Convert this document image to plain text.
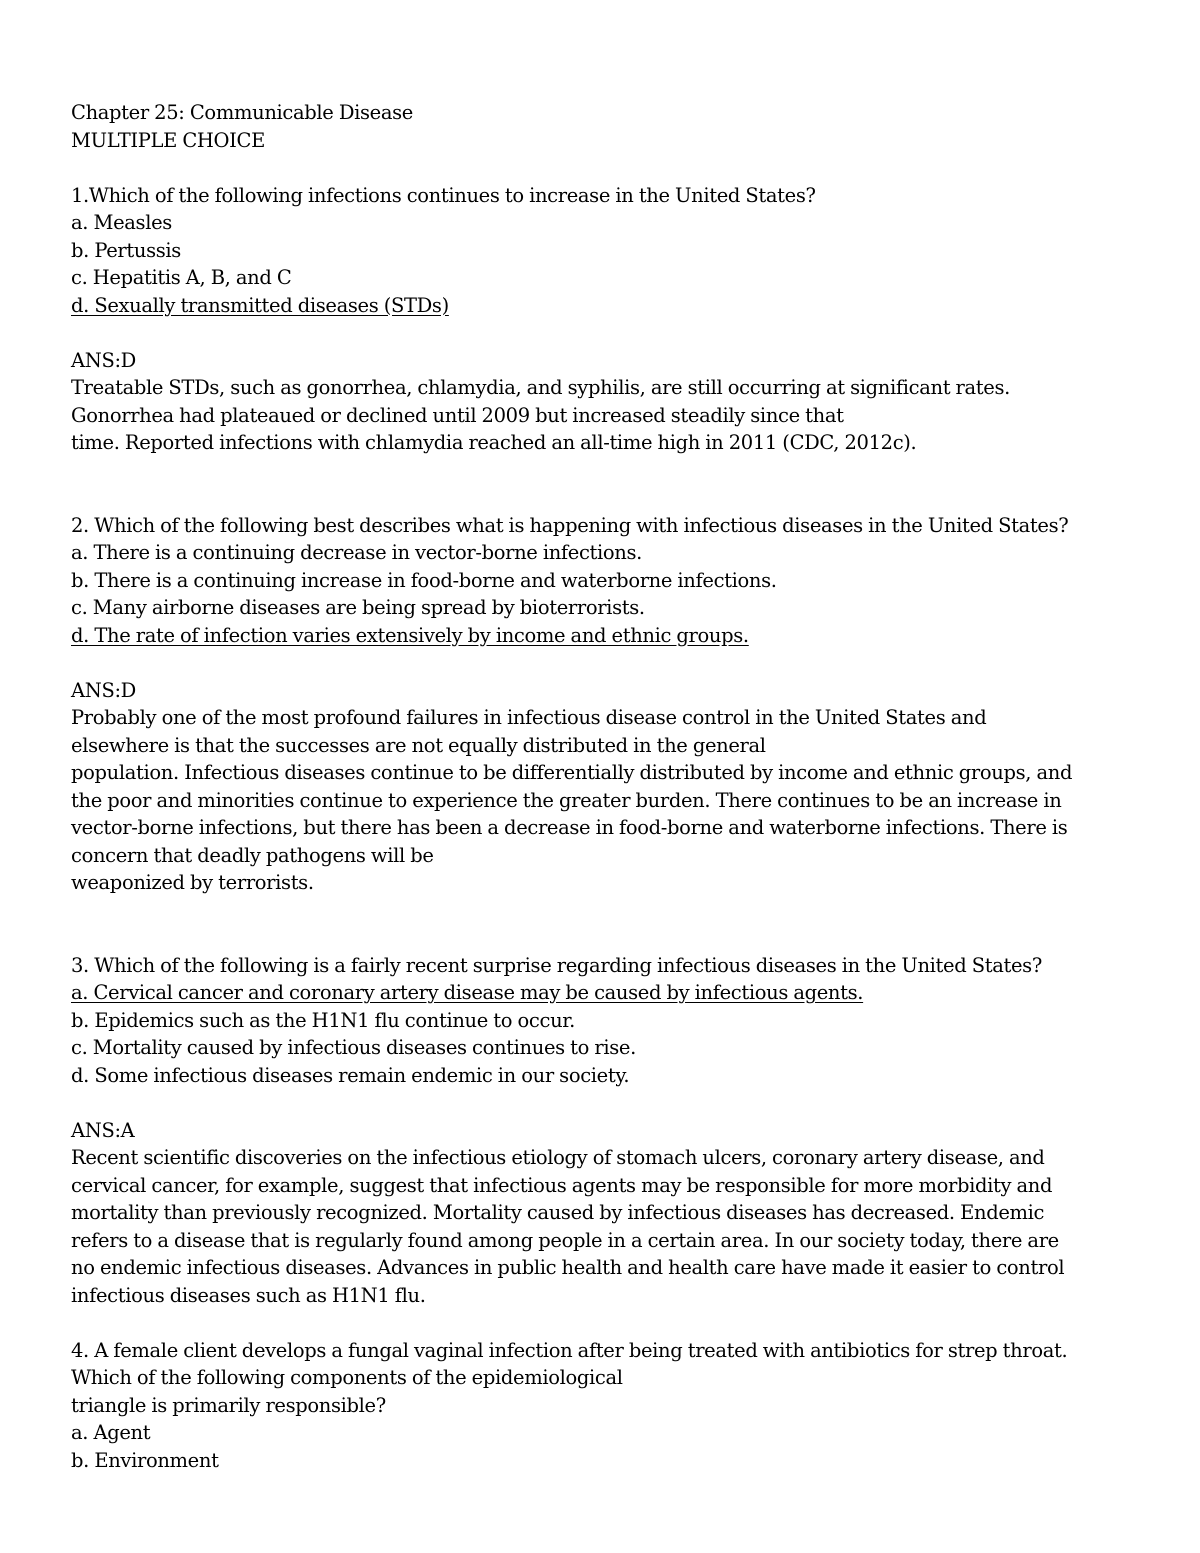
Chapter 25: Communicable Disease
MULTIPLE CHOICE
1.Which of the following infections continues to increase in the United States?
a. Measles
b. Pertussis
c. Hepatitis A, B, and C
d. Sexually transmitted diseases (STDs)
ANS:D
Treatable STDs, such as gonorrhea, chlamydia, and syphilis, are still occurring at significant rates.
Gonorrhea had plateaued or declined until 2009 but increased steadily since that
time. Reported infections with chlamydia reached an all-time high in 2011 (CDC, 2012c).
2. Which of the following best describes what is happening with infectious diseases in the United States?
a. There is a continuing decrease in vector-borne infections.
b. There is a continuing increase in food-borne and waterborne infections.
c. Many airborne diseases are being spread by bioterrorists.
d. The rate of infection varies extensively by income and ethnic groups.
ANS:D
Probably one of the most profound failures in infectious disease control in the United States and
elsewhere is that the successes are not equally distributed in the general
population. Infectious diseases continue to be differentially distributed by income and ethnic groups, and
the poor and minorities continue to experience the greater burden. There continues to be an increase in
vector-borne infections, but there has been a decrease in food-borne and waterborne infections. There is
concern that deadly pathogens will be
weaponized by terrorists.
3. Which of the following is a fairly recent surprise regarding infectious diseases in the United States?
a. Cervical cancer and coronary artery disease may be caused by infectious agents.
b. Epidemics such as the H1N1 flu continue to occur.
c. Mortality caused by infectious diseases continues to rise.
d. Some infectious diseases remain endemic in our society.
ANS:A
Recent scientific discoveries on the infectious etiology of stomach ulcers, coronary artery disease, and
cervical cancer, for example, suggest that infectious agents may be responsible for more morbidity and
mortality than previously recognized. Mortality caused by infectious diseases has decreased. Endemic
refers to a disease that is regularly found among people in a certain area. In our society today, there are
no endemic infectious diseases. Advances in public health and health care have made it easier to control
infectious diseases such as H1N1 flu.
4. A female client develops a fungal vaginal infection after being treated with antibiotics for strep throat.
Which of the following components of the epidemiological
triangle is primarily responsible?
a. Agent
b. Environment
